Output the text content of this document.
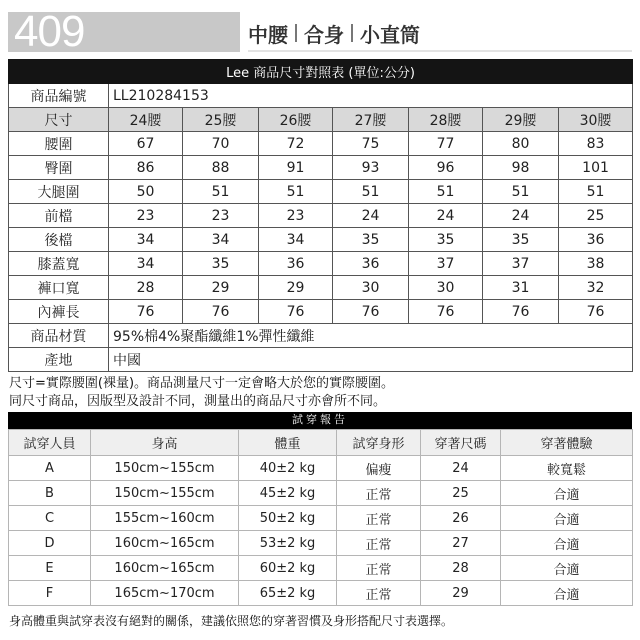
409	中腰 合身 小直筒
Lee 商品尺寸對照表 (單位:公分)							
商品編號	LL210284153						
尺寸	24腰	25腰	26腰	27腰	28腰	29腰	30腰
腰圍	67	70	72	75	77	80	83
臀圍	86	88	91	93	96	98	101
大腿圍	50	51	51	51	51	51	51
前檔	23	23	23	24	24	24	25
後檔	34	34	34	35	35	35	36
膝蓋寬	34	35	36	36	37	37	38
褲口寬	28	29	29	30	30	31	32
內褲長	76	76	76	76	76	76	76
商品材質	95%棉4%聚酯纖維1%彈性纖維						
產地	中國						
尺寸=實際腰圍(裸量)。商品測量尺寸一定會略大於您的實際腰圍。
同尺寸商品，因版型及設計不同，測量出的商品尺寸亦會所不同。
試穿報告
試穿人員	身高	體重	試穿身形	穿著尺碼	穿著體驗
A	150cm~155cm	40±2 kg	偏瘦	24	較寬鬆
B	150cm~155cm	45±2 kg	正常	25	合適
C	155cm~160cm	50±2 kg	正常	26	合適
D	160cm~165cm	53±2 kg	正常	27	合適
E	160cm~165cm	60±2 kg	正常	28	合適
F	165cm~170cm	65±2 kg	正常	29	合適
身高體重與試穿表沒有絕對的關係，建議依照您的穿著習慣及身形搭配尺寸表選擇。
